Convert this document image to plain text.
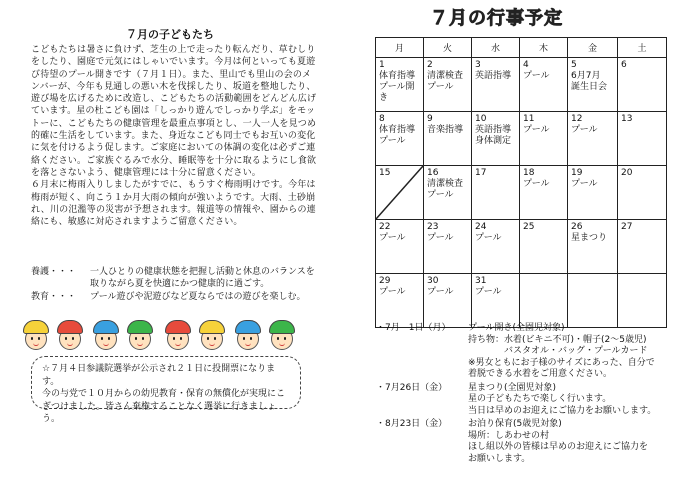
７月の子どもたち

こどもたちは暑さに負けず、芝生の上で走ったり転んだり、草むしりをしたり、園庭で元気にはしゃいでいます。今月は何といっても夏遊び待望のプール開きです（７月１日）。また、里山でも里山の会のメンバーが、今年も見通しの悪い木を伐採したり、坂道を整地したり、遊び場を広げるために改造し、こどもたちの活動範囲をどんどん広げています。星の杜こども園は「しっかり遊んでしっかり学ぶ」をモットーに、こどもたちの健康管理を最重点事項とし、一人一人を見つめ的確に生活をしています。また、身近なこども同士でもお互いの変化に気を付けるよう促します。ご家庭においての体調の変化は必ずご連絡ください。ご家族ぐるみで水分、睡眠等を十分に取るようにし食欲を落とさないよう、健康管理には十分に留意ください。

６月末に梅雨入りしましたがすでに、もうすぐ梅雨明けです。今年は梅雨が短く、向こう１か月大雨の傾向が強いようです。大雨、土砂崩れ、川の氾濫等の災害が予想されます。報道等の情報や、園からの連絡にも、敏感に対応されますようご留意ください。

養護・・・	一人ひとりの健康状態を把握し活動と休息のバランスを取りながら夏を快適にかつ健康的に過ごす。
教育・・・	プール遊びや泥遊びなど夏ならではの遊びを楽しむ。

☆７月４日参議院選挙が公示され２１日に投開票になります。

今の与党で１０月からの幼児教育・保育の無償化が実現にこぎつけました。皆さん棄権することなく選挙に行きましょう。

７月の行事予定
月	火	水	木	金	土

1
体育指導
プール開
き	2
清潔検査
プール	3
英語指導	4
プール	5
6月7月
誕生日会	6

8
体育指導
プール	9
音楽指導	10
英語指導
身体測定	11
プール	12
プール	13

15	16
清潔検査
プール	17	18
プール	19
プール	20

22
プール	23
プール	24
プール	25	26
星まつり	27

29
プール	30
プール	31
プール			

・7月　1日（月）	プール開き(全園児対象)
持ち物：水着(ビキニ不可)・帽子(2～5歳児)
　　　　バスタオル・バッグ・プールカード
※男女ともにお子様のサイズにあった、自分で
着脱できる水着をご用意ください。
・7月26日（金）	星まつり(全園児対象)
星の子どもたちで楽しく行います。
当日は早めのお迎えにご協力をお願いします。
・8月23日（金）	お泊り保育(5歳児対象)
場所：しあわせの村
ほし組以外の皆様は早めのお迎えにご協力を
お願いします。
